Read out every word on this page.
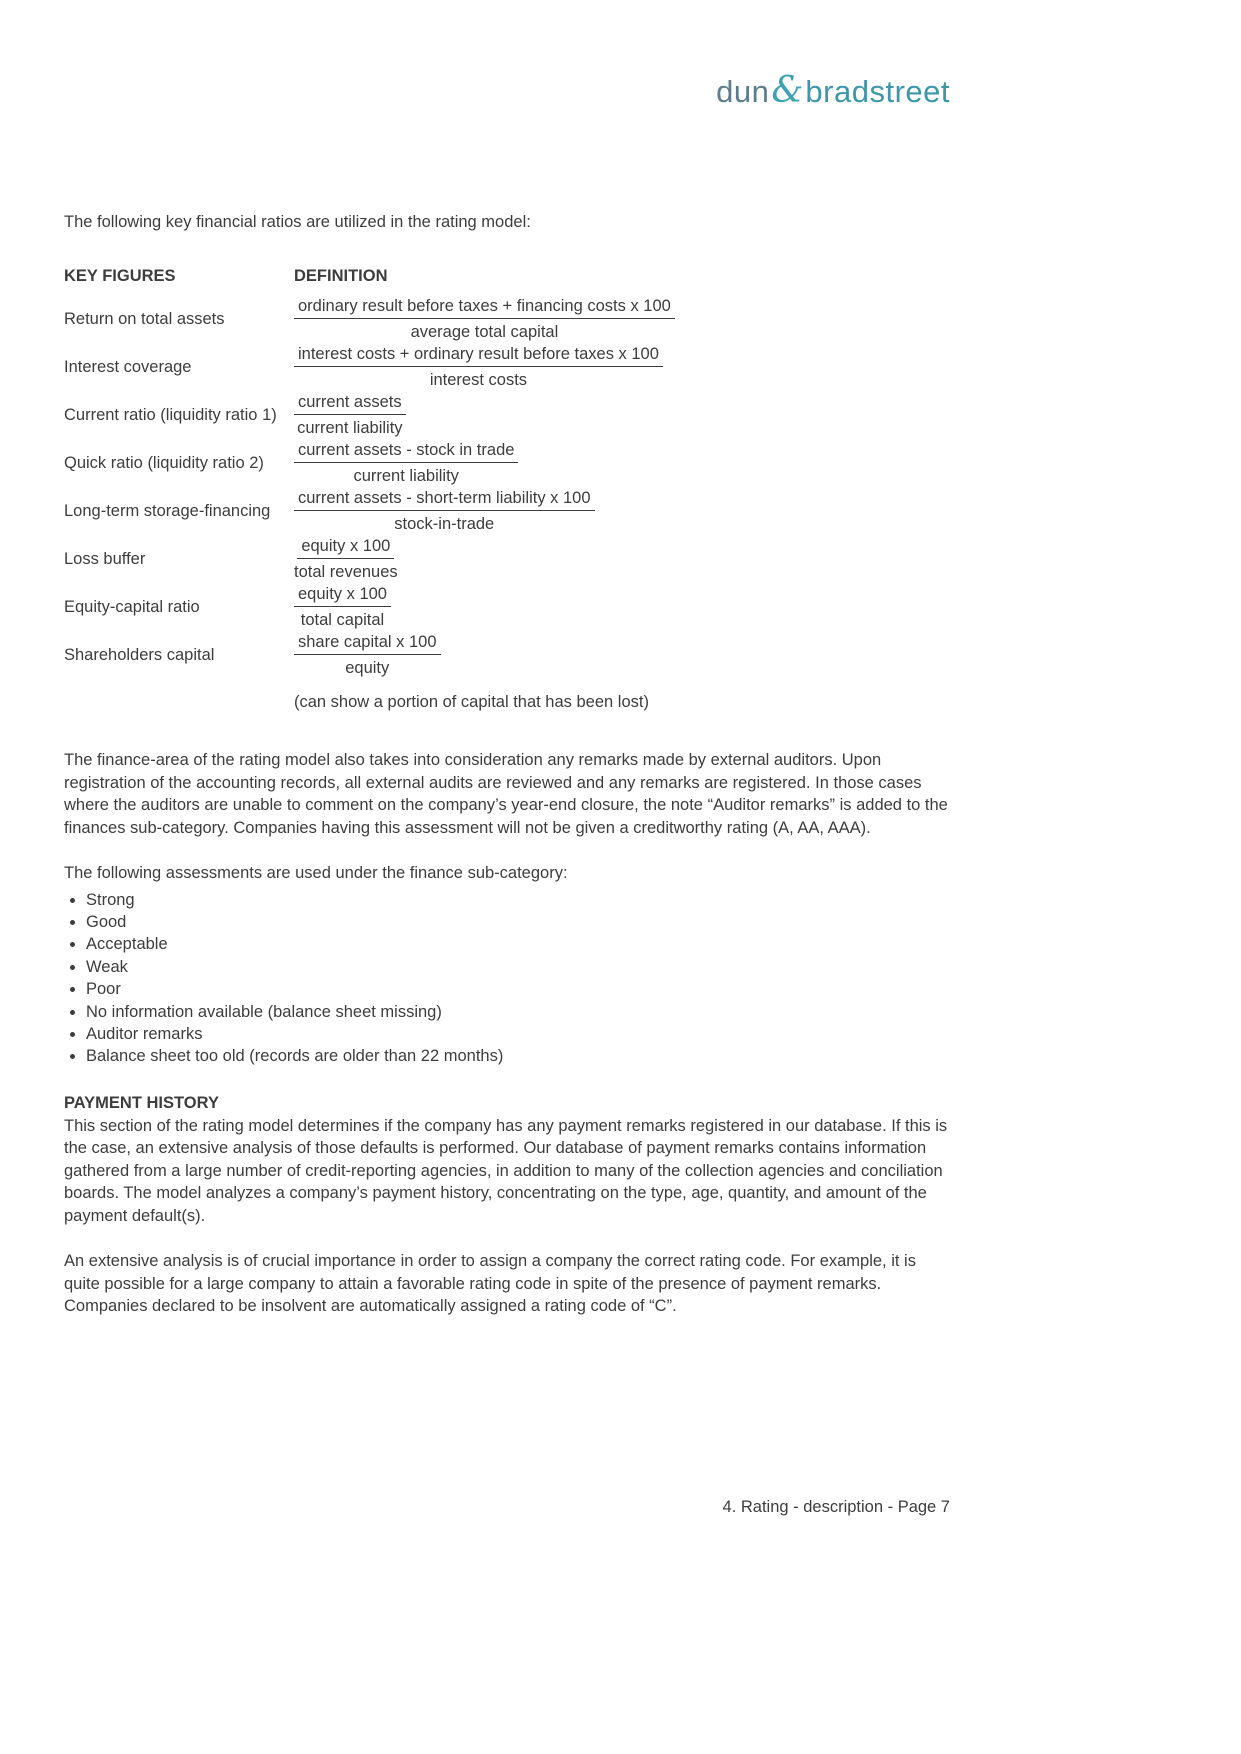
dun&bradstreet

The following key financial ratios are utilized in the rating model:

KEY FIGURES	DEFINITION
Return on total assets	$\frac{\text{ordinary result before taxes + financing costs x 100}}{\text{average total capital}}$
Interest coverage	$\frac{\text{interest costs + ordinary result before taxes x 100}}{\text{interest costs}}$
Current ratio (liquidity ratio 1)	$\frac{\text{current assets}}{\text{current liability}}$
Quick ratio (liquidity ratio 2)	$\frac{\text{current assets - stock in trade}}{\text{current liability}}$
Long-term storage-financing	$\frac{\text{current assets - short-term liability x 100}}{\text{stock-in-trade}}$
Loss buffer	$\frac{\text{equity x 100}}{\text{total revenues}}$
Equity-capital ratio	$\frac{\text{equity x 100}}{\text{total capital}}$
Shareholders capital	$\frac{\text{share capital x 100}}{\text{equity}}$
(can show a portion of capital that has been lost)

The finance-area of the rating model also takes into consideration any remarks made by external auditors. Upon registration of the accounting records, all external audits are reviewed and any remarks are registered. In those cases where the auditors are unable to comment on the company’s year-end closure, the note “Auditor remarks” is added to the finances sub-category. Companies having this assessment will not be given a creditworthy rating (A, AA, AAA).

The following assessments are used under the finance sub-category:

• Strong
• Good
• Acceptable
• Weak
• Poor
• No information available (balance sheet missing)
• Auditor remarks
• Balance sheet too old (records are older than 22 months)
PAYMENT HISTORY

This section of the rating model determines if the company has any payment remarks registered in our database. If this is the case, an extensive analysis of those defaults is performed. Our database of payment remarks contains information gathered from a large number of credit-reporting agencies, in addition to many of the collection agencies and conciliation boards. The model analyzes a company’s payment history, concentrating on the type, age, quantity, and amount of the payment default(s).

An extensive analysis is of crucial importance in order to assign a company the correct rating code. For example, it is quite possible for a large company to attain a favorable rating code in spite of the presence of payment remarks. Companies declared to be insolvent are automatically assigned a rating code of “C”.

4. Rating - description - Page 7
